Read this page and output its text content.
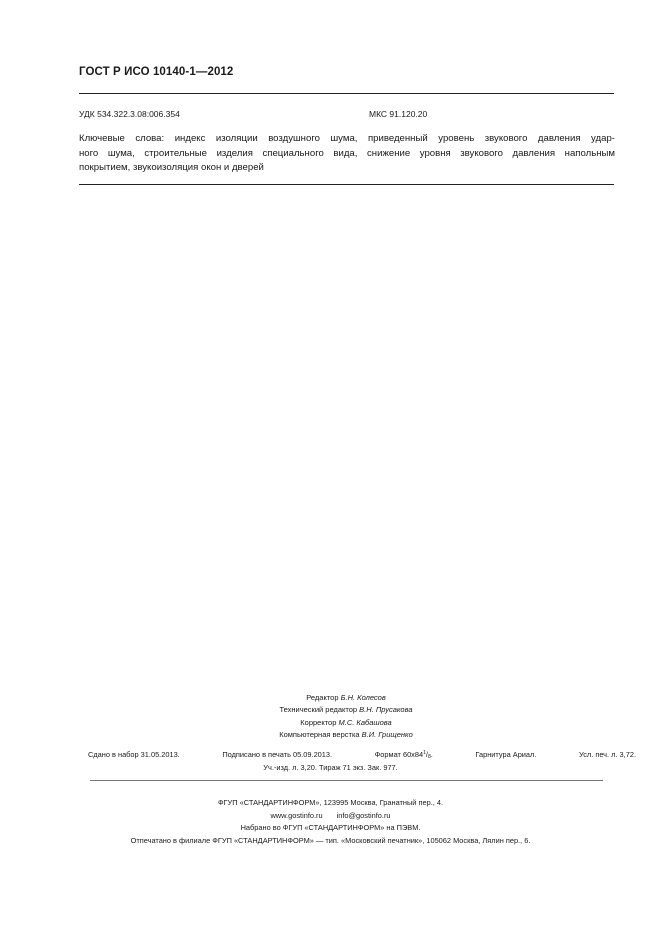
ГОСТ Р ИСО 10140-1—2012
УДК 534.322.3.08:006.354	МКС 91.120.20
Ключевые слова: индекс изоляции воздушного шума, приведенный уровень звукового давления удар-
ного шума, строительные изделия специального вида, снижение уровня звукового давления напольным
покрытием, звукоизоляция окон и дверей
Редактор Б.Н. Колесов
Технический редактор В.Н. Прусакова
Корректор М.С. Кабашова
Компьютерная верстка В.И. Грищенко
Сдано в набор 31.05.2013.	Подписано в печать 05.09.2013.	Формат $60x84^1/_8$.	Гарнитура Ариал.	Усл. печ. л. 3,72.
Уч.-изд. л. 3,20. Тираж 71 экз. Зак. 977.
ФГУП «СТАНДАРТИНФОРМ», 123995 Москва, Гранатный пер., 4.
www.gostinfo.ru info@gostinfo.ru
Набрано во ФГУП «СТАНДАРТИНФОРМ» на ПЭВМ.
Отпечатано в филиале ФГУП «СТАНДАРТИНФОРМ» — тип. «Московский печатник», 105062 Москва, Лялин пер., 6.
